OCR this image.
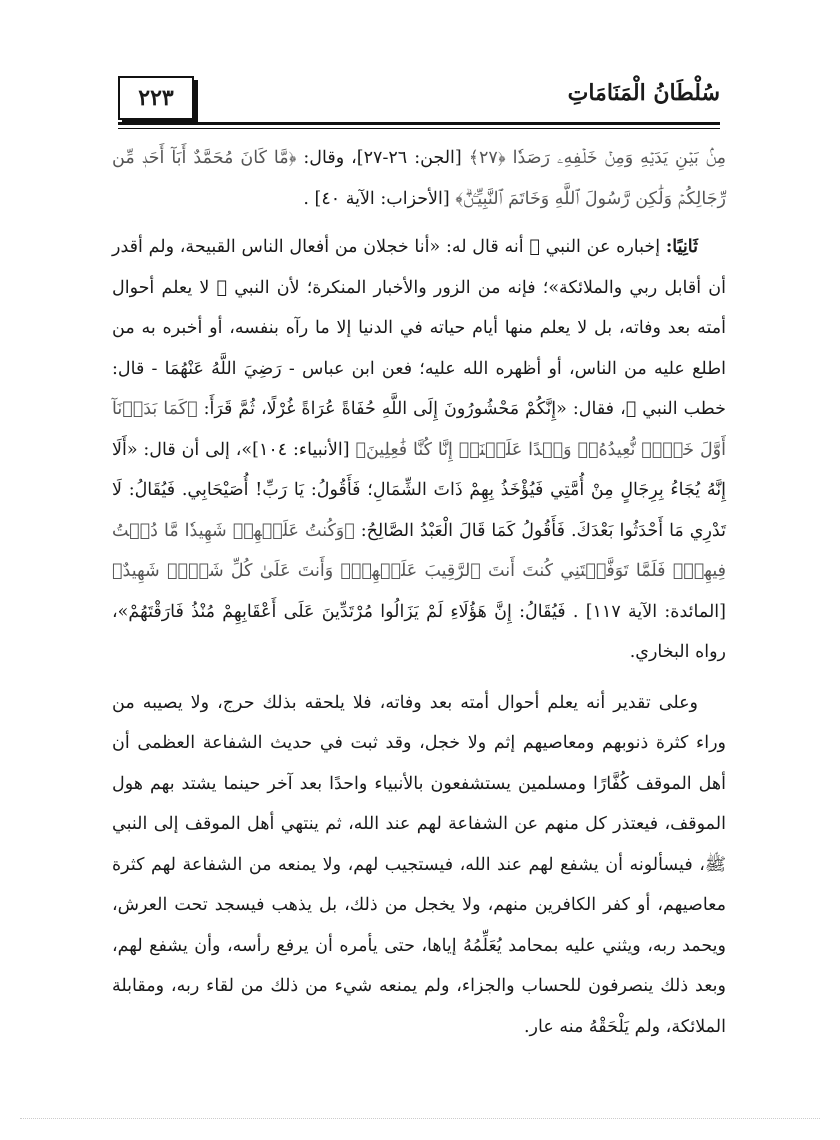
٢٢٣	سُلْطَانُ الْمَنَامَاتِ

مِنۢ بَيۡنِ يَدَيۡهِ وَمِنۡ خَلۡفِهِۦ رَصَدٗا ﴿٢٧﴾ [الجن: ٢٦-٢٧]، وقال: ﴿مَّا كَانَ مُحَمَّدٌ أَبَآ أَحَدٖ مِّن رِّجَالِكُمۡ وَلَٰكِن رَّسُولَ ٱللَّهِ وَخَاتَمَ ٱلنَّبِيِّـۧنَۗ﴾ [الأحزاب: الآية ٤٠] .

ثَانِيًا: إخباره عن النبي ﷺ أنه قال له: «أنا خجلان من أفعال الناس القبيحة، ولم أقدر أن أقابل ربي والملائكة»؛ فإنه من الزور والأخبار المنكرة؛ لأن النبي ﷺ لا يعلم أحوال أمته بعد وفاته، بل لا يعلم منها أيام حياته في الدنيا إلا ما رآه بنفسه، أو أخبره به من اطلع عليه من الناس، أو أظهره الله عليه؛ فعن ابن عباس - رَضِيَ اللَّهُ عَنْهُمَا - قال: خطب النبي ﷺ، فقال: «إِنَّكُمْ مَحْشُورُونَ إِلَى اللَّهِ حُفَاةً عُرَاةً غُرْلًا، ثُمَّ قَرَأَ: ﴿كَمَا بَدَأۡنَآ أَوَّلَ خَلۡقٖ نُّعِيدُهُۥۚ وَعۡدًا عَلَيۡنَآۚ إِنَّا كُنَّا فَٰعِلِينَ﴾ [الأنبياء: ١٠٤]»، إلى أن قال: «أَلَا إِنَّهُ يُجَاءُ بِرِجَالٍ مِنْ أُمَّتِي فَيُؤْخَذُ بِهِمْ ذَاتَ الشِّمَالِ؛ فَأَقُولُ: يَا رَبِّ! أُصَيْحَابِي. فَيُقَالُ: لَا تَدْرِي مَا أَحْدَثُوا بَعْدَكَ. فَأَقُولُ كَمَا قَالَ الْعَبْدُ الصَّالِحُ: ﴿وَكُنتُ عَلَيۡهِمۡ شَهِيدٗا مَّا دُمۡتُ فِيهِمۡۖ فَلَمَّا تَوَفَّيۡتَنِي كُنتَ أَنتَ ٱلرَّقِيبَ عَلَيۡهِمۡۚ وَأَنتَ عَلَىٰ كُلِّ شَيۡءٖ شَهِيدٌ﴾ [المائدة: الآية ١١٧] . فَيُقَالُ: إِنَّ هَؤُلَاءِ لَمْ يَزَالُوا مُرْتَدِّينَ عَلَى أَعْقَابِهِمْ مُنْذُ فَارَقْتَهُمْ»، رواه البخاري.

وعلى تقدير أنه يعلم أحوال أمته بعد وفاته، فلا يلحقه بذلك حرج، ولا يصيبه من وراء كثرة ذنوبهم ومعاصيهم إثم ولا خجل، وقد ثبت في حديث الشفاعة العظمى أن أهل الموقف كُفَّارًا ومسلمين يستشفعون بالأنبياء واحدًا بعد آخر حينما يشتد بهم هول الموقف، فيعتذر كل منهم عن الشفاعة لهم عند الله، ثم ينتهي أهل الموقف إلى النبي ﷺ، فيسألونه أن يشفع لهم عند الله، فيستجيب لهم، ولا يمنعه من الشفاعة لهم كثرة معاصيهم، أو كفر الكافرين منهم، ولا يخجل من ذلك، بل يذهب فيسجد تحت العرش، ويحمد ربه، ويثني عليه بمحامد يُعَلِّمُهُ إياها، حتى يأمره أن يرفع رأسه، وأن يشفع لهم، وبعد ذلك ينصرفون للحساب والجزاء، ولم يمنعه شيء من ذلك من لقاء ربه، ومقابلة الملائكة، ولم يَلْحَقْهُ منه عار.
